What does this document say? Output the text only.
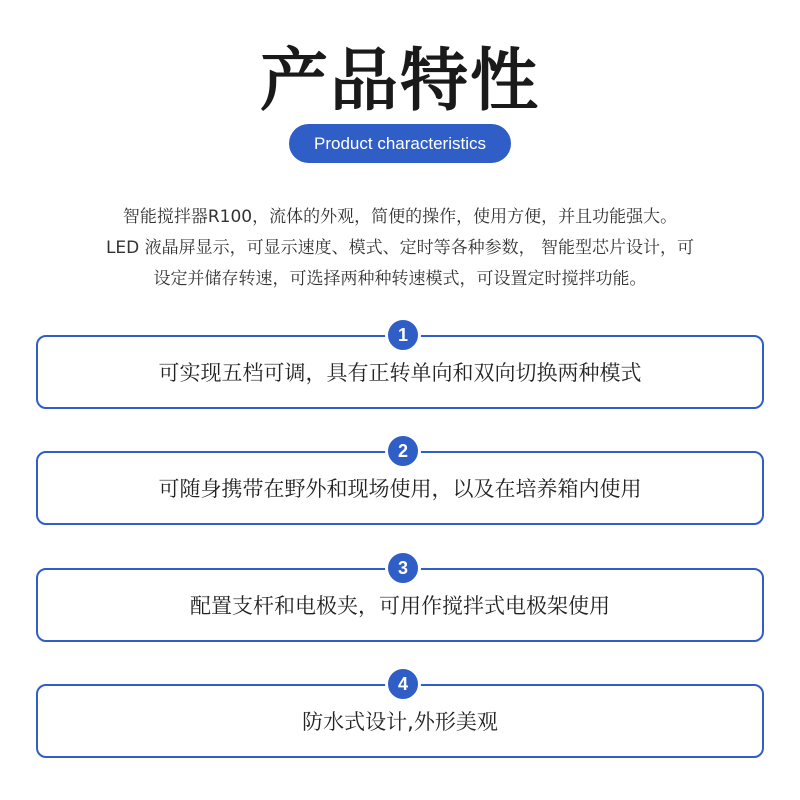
产品特性
Product characteristics
智能搅拌器R100，流体的外观，简便的操作，使用方便，并且功能强大。
LED 液晶屏显示，可显示速度、模式、定时等各种参数， 智能型芯片设计，可
设定并储存转速，可选择两种种转速模式，可设置定时搅拌功能。
1
可实现五档可调，具有正转单向和双向切换两种模式
2
可随身携带在野外和现场使用，以及在培养箱内使用
3
配置支杆和电极夹，可用作搅拌式电极架使用
4
防水式设计,外形美观
